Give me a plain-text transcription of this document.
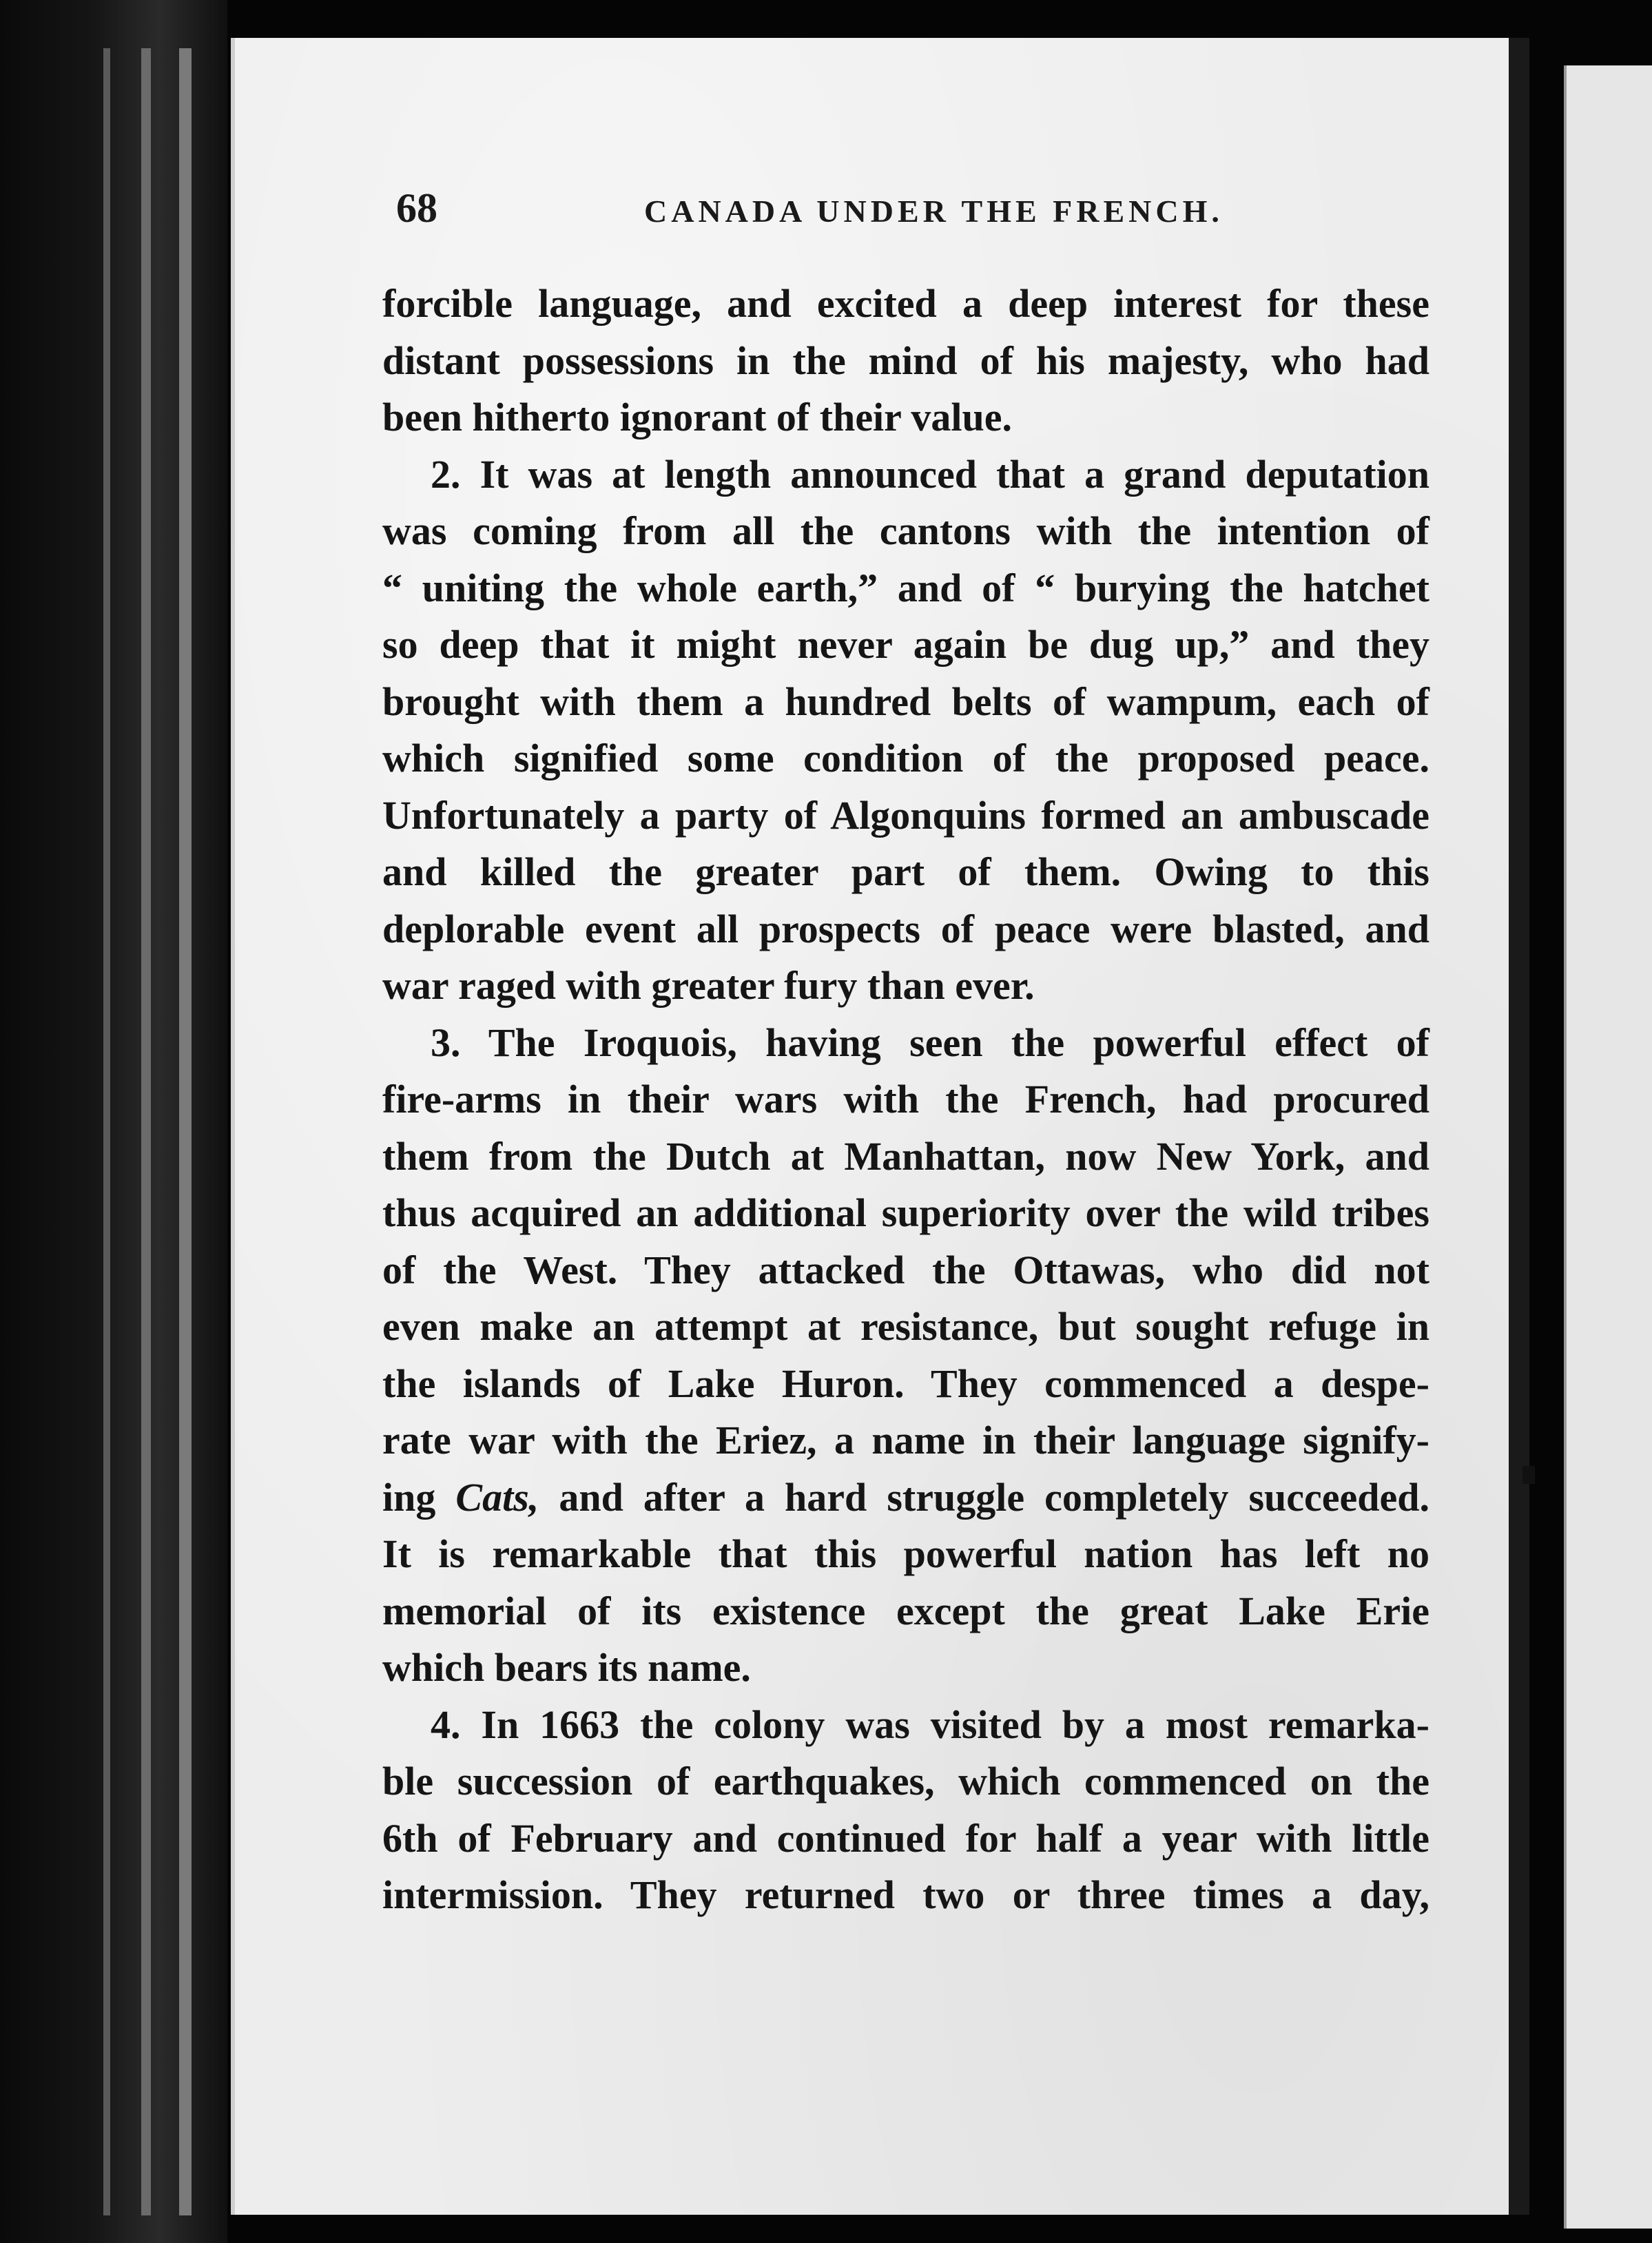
68	CANADA UNDER THE FRENCH.

forcible language, and excited a deep interest for these

distant possessions in the mind of his majesty, who had

been hitherto ignorant of their value.

2. It was at length announced that a grand deputation

was coming from all the cantons with the intention of

“ uniting the whole earth,” and of “ burying the hatchet

so deep that it might never again be dug up,” and they

brought with them a hundred belts of wampum, each of

which signified some condition of the proposed peace.

Unfortunately a party of Algonquins formed an ambuscade

and killed the greater part of them. Owing to this

deplorable event all prospects of peace were blasted, and

war raged with greater fury than ever.

3. The Iroquois, having seen the powerful effect of

fire-arms in their wars with the French, had procured

them from the Dutch at Manhattan, now New York, and

thus acquired an additional superiority over the wild tribes

of the West. They attacked the Ottawas, who did not

even make an attempt at resistance, but sought refuge in

the islands of Lake Huron. They commenced a despe-

rate war with the Eriez, a name in their language signify-

ing Cats, and after a hard struggle completely succeeded.

It is remarkable that this powerful nation has left no

memorial of its existence except the great Lake Erie

which bears its name.

4. In 1663 the colony was visited by a most remarka-

ble succession of earthquakes, which commenced on the

6th of February and continued for half a year with little

intermission. They returned two or three times a day,
